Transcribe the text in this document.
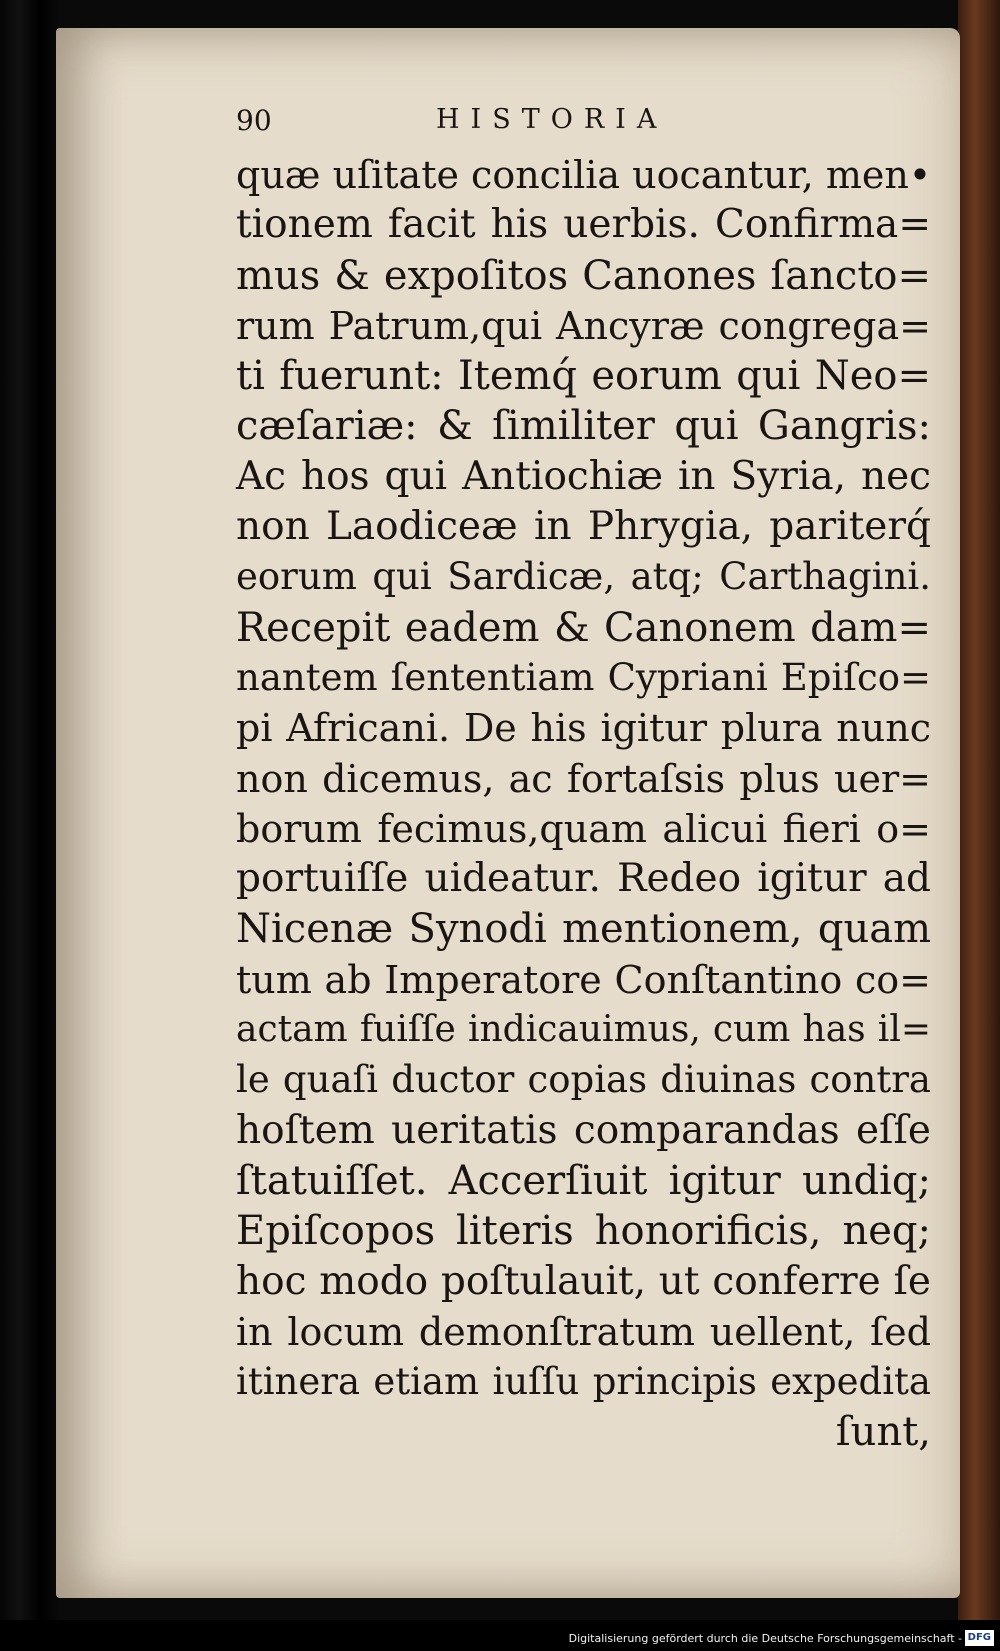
90	HISTORIA
quæ uſitate concilia uocantur, men•
tionem facit his uerbis. Confirma=
mus & expoſitos Canones ſancto=
rum Patrum,qui Ancyræ congrega=
ti fuerunt: Itemq́ eorum qui Neo=
cæſariæ: & ſimiliter qui Gangris:
Ac hos qui Antiochiæ in Syria, nec
non Laodiceæ in Phrygia, pariterq́
eorum qui Sardicæ, atq; Carthagini.
Recepit eadem & Canonem dam=
nantem ſententiam Cypriani Epiſco=
pi Africani. De his igitur plura nunc
non dicemus, ac fortaſsis plus uer=
borum fecimus,quam alicui fieri o=
portuiſſe uideatur. Redeo igitur ad
Nicenæ Synodi mentionem, quam
tum ab Imperatore Conſtantino co=
actam fuiſſe indicauimus, cum has il=
le quaſi ductor copias diuinas contra
hoſtem ueritatis comparandas eſſe
ſtatuiſſet. Accerſiuit igitur undiq;
Epiſcopos literis honorificis, neq;
hoc modo poſtulauit, ut conferre ſe
in locum demonſtratum uellent, ſed
itinera etiam iuſſu principis expedita
ſunt,
Digitalisierung gefördert durch die Deutsche Forschungsgemeinschaft - DFG
